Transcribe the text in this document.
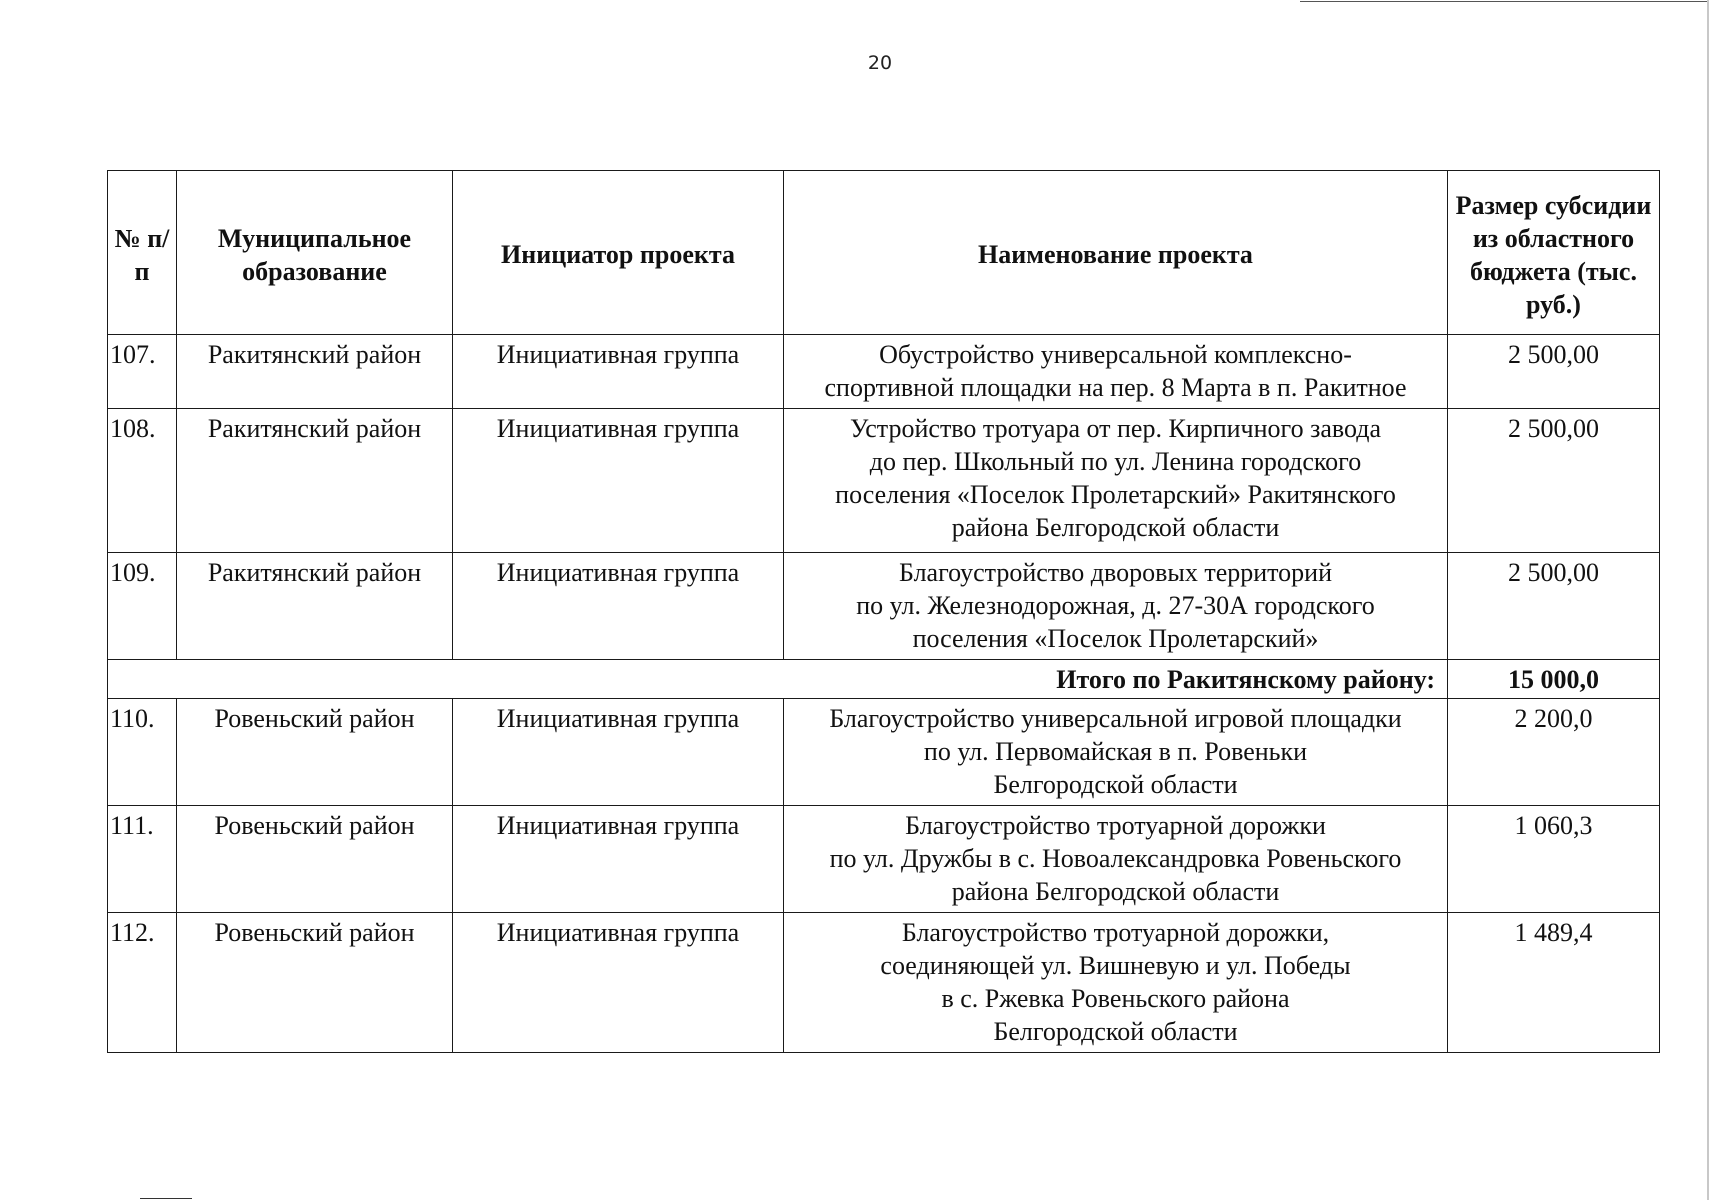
20
№ п/п	Муниципальное образование	Инициатор проекта	Наименование проекта	Размер субсидии из областного бюджета (тыс. руб.)
107.	Ракитянский район	Инициативная группа	Обустройство универсальной комплексно-
спортивной площадки на пер. 8 Марта в п. Ракитное	2 500,00
108.	Ракитянский район	Инициативная группа	Устройство тротуара от пер. Кирпичного завода
до пер. Школьный по ул. Ленина городского
поселения «Поселок Пролетарский» Ракитянского
района Белгородской области	2 500,00
109.	Ракитянский район	Инициативная группа	Благоустройство дворовых территорий
по ул. Железнодорожная, д. 27-30А городского
поселения «Поселок Пролетарский»	2 500,00
Итого по Ракитянскому району:				15 000,0
110.	Ровеньский район	Инициативная группа	Благоустройство универсальной игровой площадки
по ул. Первомайская в п. Ровеньки
Белгородской области	2 200,0
111.	Ровеньский район	Инициативная группа	Благоустройство тротуарной дорожки
по ул. Дружбы в с. Новоалександровка Ровеньского
района Белгородской области	1 060,3
112.	Ровеньский район	Инициативная группа	Благоустройство тротуарной дорожки,
соединяющей ул. Вишневую и ул. Победы
в с. Ржевка Ровеньского района
Белгородской области	1 489,4
